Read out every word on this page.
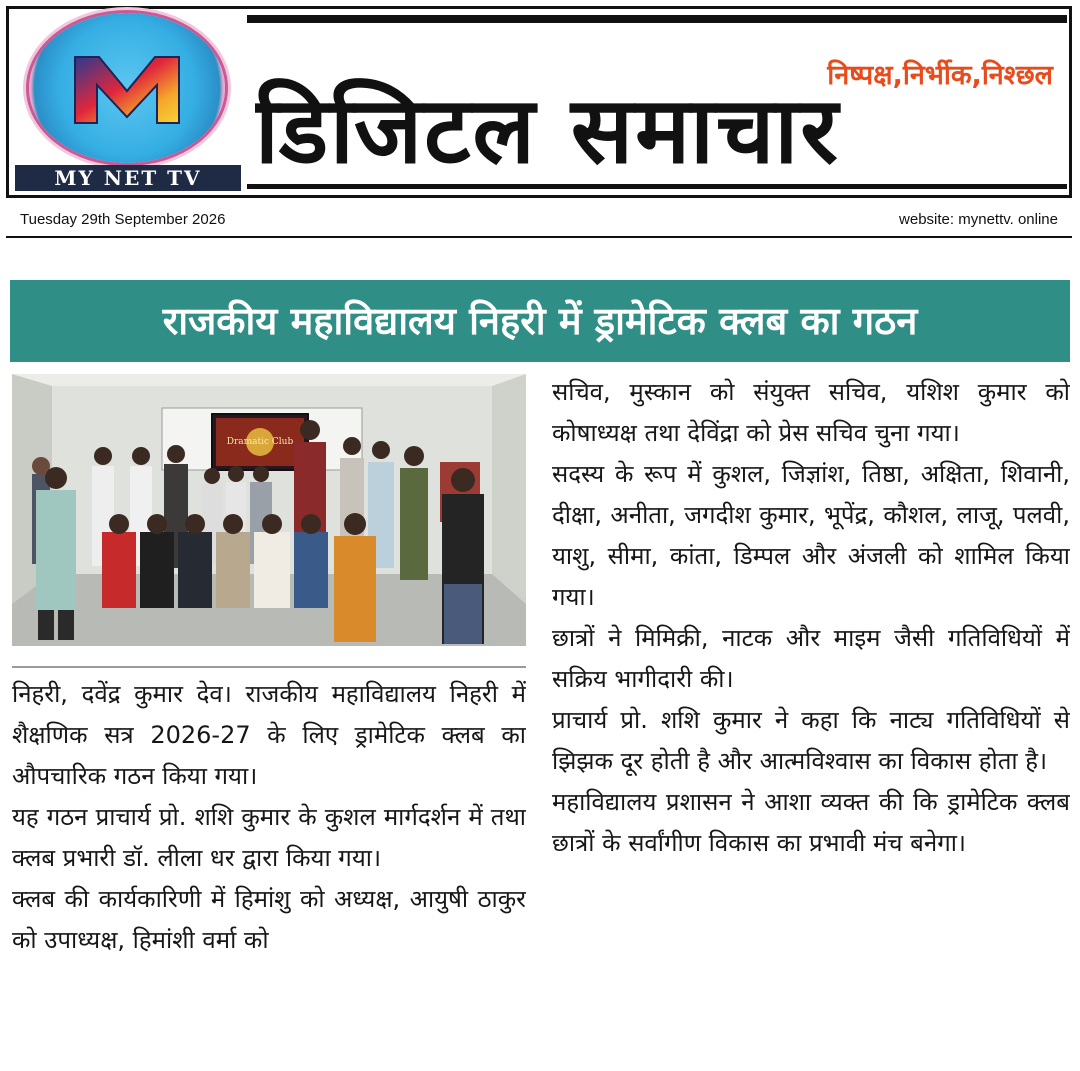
MY NET TV
निष्पक्ष,निर्भीक,निश्छल
डिजिटल समाचार
Tuesday 29th September 2026	website: mynettv. online
राजकीय महाविद्यालय निहरी में ड्रामेटिक क्लब का गठन
Dramatic Club

निहरी, दवेंद्र कुमार देव। राजकीय महाविद्यालय निहरी में शैक्षणिक सत्र 2026-27 के लिए ड्रामेटिक क्लब का औपचारिक गठन किया गया।

यह गठन प्राचार्य प्रो. शशि कुमार के कुशल मार्गदर्शन में तथा क्लब प्रभारी डॉ. लीला धर द्वारा किया गया।

क्लब की कार्यकारिणी में हिमांशु को अध्यक्ष, आयुषी ठाकुर को उपाध्यक्ष, हिमांशी वर्मा को

सचिव, मुस्कान को संयुक्त सचिव, यशिश कुमार को कोषाध्यक्ष तथा देविंद्रा को प्रेस सचिव चुना गया।

सदस्य के रूप में कुशल, जिज्ञांश, तिष्ठा, अक्षिता, शिवानी, दीक्षा, अनीता, जगदीश कुमार, भूपेंद्र, कौशल, लाजू, पलवी, याशु, सीमा, कांता, डिम्पल और अंजली को शामिल किया गया।

छात्रों ने मिमिक्री, नाटक और माइम जैसी गतिविधियों में सक्रिय भागीदारी की।

प्राचार्य प्रो. शशि कुमार ने कहा कि नाट्य गतिविधियों से झिझक दूर होती है और आत्मविश्वास का विकास होता है।

महाविद्यालय प्रशासन ने आशा व्यक्त की कि ड्रामेटिक क्लब छात्रों के सर्वांगीण विकास का प्रभावी मंच बनेगा।
